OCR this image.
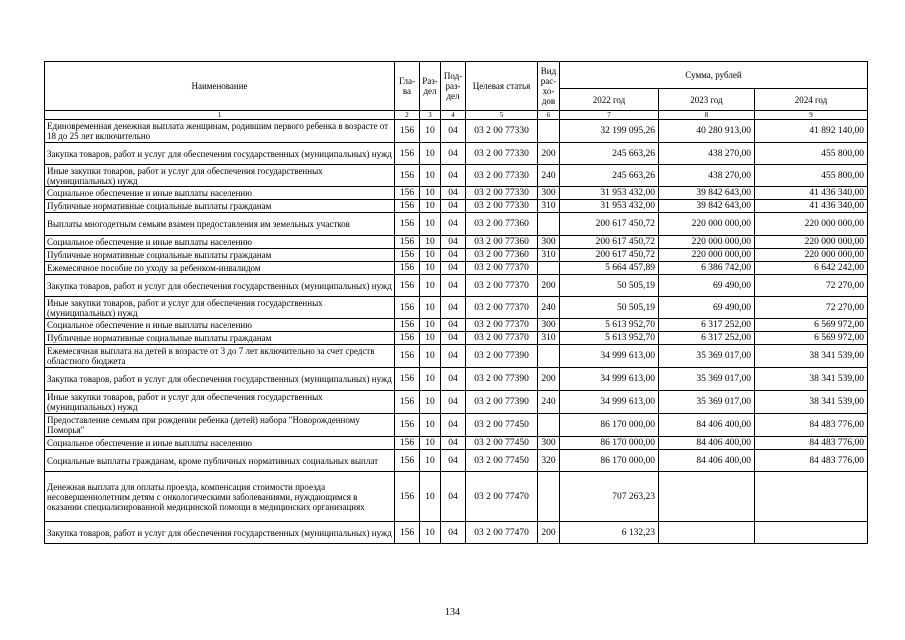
Наименование	Гла-ва	Раз-дел	Под-раз-дел	Целевая статья	Вид рас-хо-дов	Сумма, рублей		
						2022 год	2023 год	2024 год
1	2	3	4	5	6	7	8	9
Единовременная денежная выплата женщинам, родившим первого ребенка в возрасте от 18 до 25 лет включительно	156	10	04	03 2 00 77330		32 199 095,26	40 280 913,00	41 892 140,00
Закупка товаров, работ и услуг для обеспечения государственных (муниципальных) нужд	156	10	04	03 2 00 77330	200	245 663,26	438 270,00	455 800,00
Иные закупки товаров, работ и услуг для обеспечения государственных (муниципальных) нужд	156	10	04	03 2 00 77330	240	245 663,26	438 270,00	455 800,00
Социальное обеспечение и иные выплаты населению	156	10	04	03 2 00 77330	300	31 953 432,00	39 842 643,00	41 436 340,00
Публичные нормативные социальные выплаты гражданам	156	10	04	03 2 00 77330	310	31 953 432,00	39 842 643,00	41 436 340,00
Выплаты многодетным семьям взамен предоставления им земельных участков	156	10	04	03 2 00 77360		200 617 450,72	220 000 000,00	220 000 000,00
Социальное обеспечение и иные выплаты населению	156	10	04	03 2 00 77360	300	200 617 450,72	220 000 000,00	220 000 000,00
Публичные нормативные социальные выплаты гражданам	156	10	04	03 2 00 77360	310	200 617 450,72	220 000 000,00	220 000 000,00
Ежемесячное пособие по уходу за ребенком-инвалидом	156	10	04	03 2 00 77370		5 664 457,89	6 386 742,00	6 642 242,00
Закупка товаров, работ и услуг для обеспечения государственных (муниципальных) нужд	156	10	04	03 2 00 77370	200	50 505,19	69 490,00	72 270,00
Иные закупки товаров, работ и услуг для обеспечения государственных (муниципальных) нужд	156	10	04	03 2 00 77370	240	50 505,19	69 490,00	72 270,00
Социальное обеспечение и иные выплаты населению	156	10	04	03 2 00 77370	300	5 613 952,70	6 317 252,00	6 569 972,00
Публичные нормативные социальные выплаты гражданам	156	10	04	03 2 00 77370	310	5 613 952,70	6 317 252,00	6 569 972,00
Ежемесячная выплата на детей в возрасте от 3 до 7 лет включительно за счет средств областного бюджета	156	10	04	03 2 00 77390		34 999 613,00	35 369 017,00	38 341 539,00
Закупка товаров, работ и услуг для обеспечения государственных (муниципальных) нужд	156	10	04	03 2 00 77390	200	34 999 613,00	35 369 017,00	38 341 539,00
Иные закупки товаров, работ и услуг для обеспечения государственных (муниципальных) нужд	156	10	04	03 2 00 77390	240	34 999 613,00	35 369 017,00	38 341 539,00
Предоставление семьям при рождении ребенка (детей) набора "Новорожденному Поморья"	156	10	04	03 2 00 77450		86 170 000,00	84 406 400,00	84 483 776,00
Социальное обеспечение и иные выплаты населению	156	10	04	03 2 00 77450	300	86 170 000,00	84 406 400,00	84 483 776,00
Социальные выплаты гражданам, кроме публичных нормативных социальных выплат	156	10	04	03 2 00 77450	320	86 170 000,00	84 406 400,00	84 483 776,00
Денежная выплата для оплаты проезда, компенсация стоимости проезда несовершеннолетним детям с онкологическими заболеваниями, нуждающимся в оказании специализированной медицинской помощи в медицинских организациях	156	10	04	03 2 00 77470		707 263,23		
Закупка товаров, работ и услуг для обеспечения государственных (муниципальных) нужд	156	10	04	03 2 00 77470	200	6 132,23		
134
